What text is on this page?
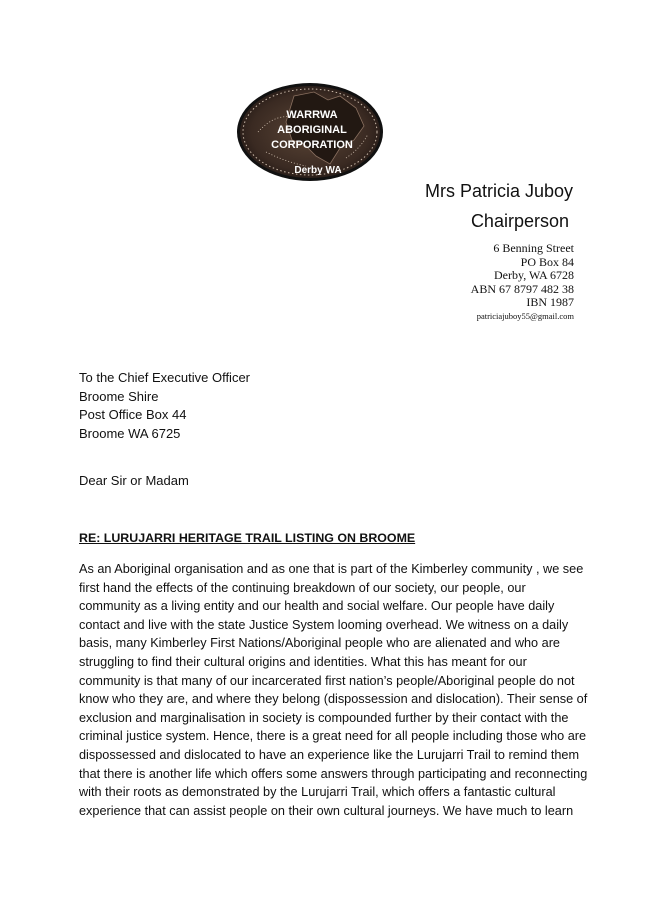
WARRWA
ABORIGINAL
CORPORATION
Derby WA
Mrs Patricia Juboy
Chairperson
6 Benning Street
PO Box 84
Derby, WA 6728
ABN 67 8797 482 38
IBN 1987
patriciajuboy55@gmail.com
To the Chief Executive Officer
Broome Shire
Post Office Box 44
Broome WA 6725
Dear Sir or Madam
RE: LURUJARRI HERITAGE TRAIL LISTING ON BROOME
As an Aboriginal organisation and as one that is part of the Kimberley community , we see
first hand the effects of the continuing breakdown of our society, our people, our
community as a living entity and our health and social welfare. Our people have daily
contact and live with the state Justice System looming overhead. We witness on a daily
basis, many Kimberley First Nations/Aboriginal people who are alienated and who are
struggling to find their cultural origins and identities. What this has meant for our
community is that many of our incarcerated first nation’s people/Aboriginal people do not
know who they are, and where they belong (dispossession and dislocation). Their sense of
exclusion and marginalisation in society is compounded further by their contact with the
criminal justice system. Hence, there is a great need for all people including those who are
dispossessed and dislocated to have an experience like the Lurujarri Trail to remind them
that there is another life which offers some answers through participating and reconnecting
with their roots as demonstrated by the Lurujarri Trail, which offers a fantastic cultural
experience that can assist people on their own cultural journeys. We have much to learn
